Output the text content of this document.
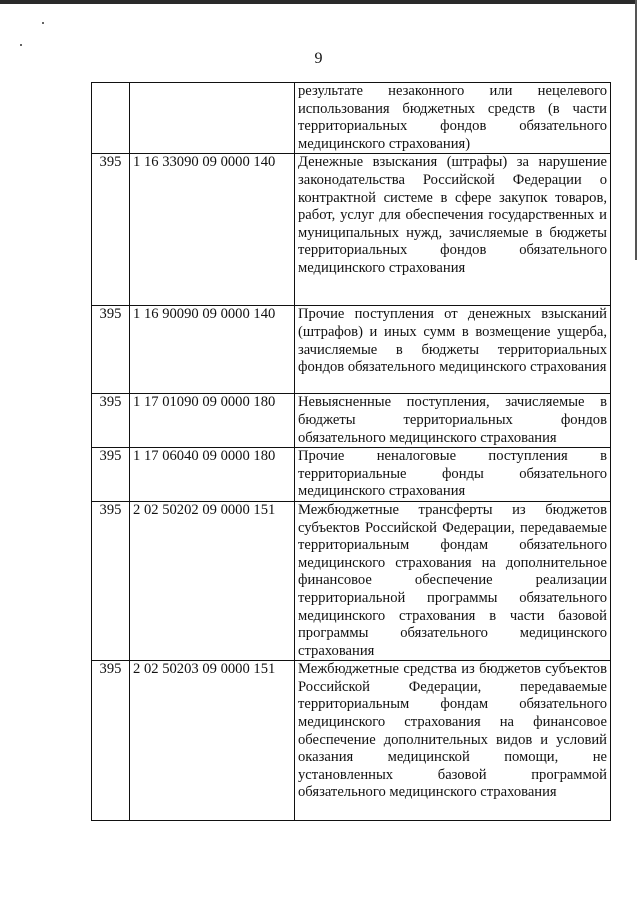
9
		результате незаконного или нецелевого использования бюджетных средств (в части территориальных фондов обязательного медицинского страхования)
395	1 16 33090 09 0000 140	Денежные взыскания (штрафы) за нарушение законодательства Российской Федерации о контрактной системе в сфере закупок товаров, работ, услуг для обеспечения государственных и муниципальных нужд, зачисляемые в бюджеты территориальных фондов обязательного медицинского страхования
395	1 16 90090 09 0000 140	Прочие поступления от денежных взысканий (штрафов) и иных сумм в возмещение ущерба, зачисляемые в бюджеты территориальных фондов обязательного медицинского страхования
395	1 17 01090 09 0000 180	Невыясненные поступления, зачисляемые в бюджеты территориальных фондов обязательного медицинского страхования
395	1 17 06040 09 0000 180	Прочие неналоговые поступления в территориальные фонды обязательного медицинского страхования
395	2 02 50202 09 0000 151	Межбюджетные трансферты из бюджетов субъектов Российской Федерации, передаваемые территориальным фондам обязательного медицинского страхования на дополнительное финансовое обеспечение реализации территориальной программы обязательного медицинского страхования в части базовой программы обязательного медицинского страхования
395	2 02 50203 09 0000 151	Межбюджетные средства из бюджетов субъектов Российской Федерации, передаваемые территориальным фондам обязательного медицинского страхования на финансовое обеспечение дополнительных видов и условий оказания медицинской помощи, не установленных базовой программой обязательного медицинского страхования
